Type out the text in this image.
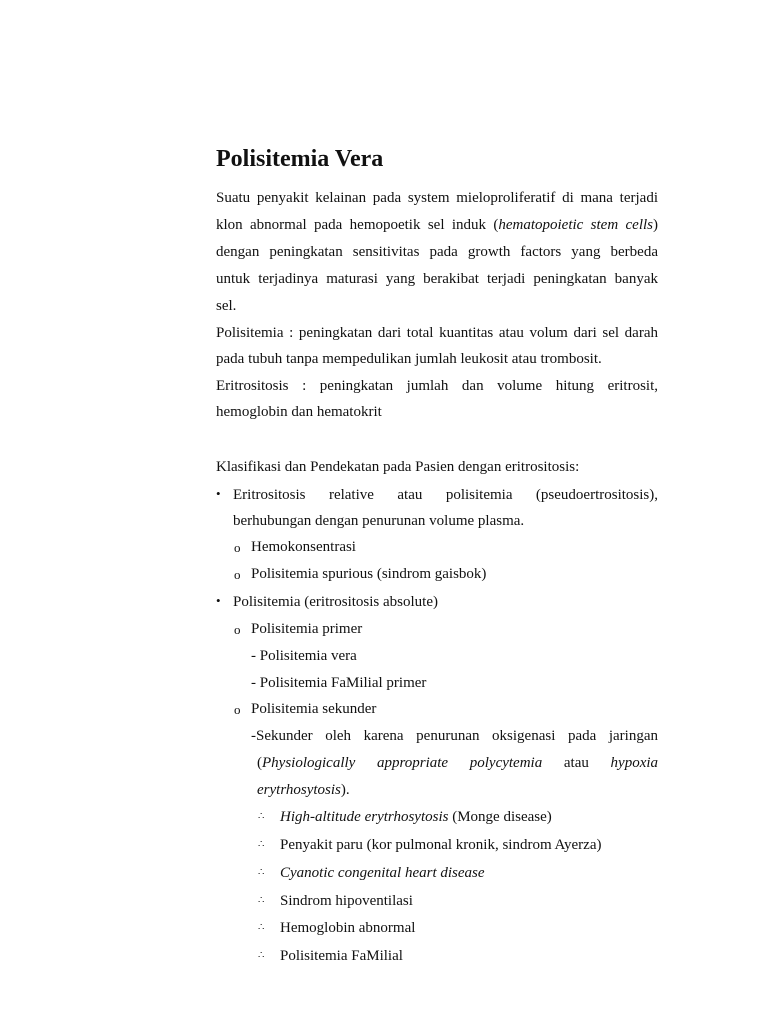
Polisitemia Vera
Suatu penyakit kelainan pada system mieloproliferatif di mana terjadi
klon abnormal pada hemopoetik sel induk (hematopoietic stem cells)
dengan peningkatan sensitivitas pada growth factors yang berbeda
untuk terjadinya maturasi yang berakibat terjadi peningkatan banyak
sel.
Polisitemia : peningkatan dari total kuantitas atau volum dari sel darah
pada tubuh tanpa mempedulikan jumlah leukosit atau trombosit.
Eritrositosis : peningkatan jumlah dan volume hitung eritrosit,
hemoglobin dan hematokrit
Klasifikasi dan Pendekatan pada Pasien dengan eritrositosis:
• Eritrositosis relative atau polisitemia (pseudoertrositosis),
berhubungan dengan penurunan volume plasma.
o Hemokonsentrasi
o Polisitemia spurious (sindrom gaisbok)
• Polisitemia (eritrositosis absolute)
o Polisitemia primer
- Polisitemia vera
- Polisitemia FaMilial primer
o Polisitemia sekunder
-Sekunder oleh karena penurunan oksigenasi pada jaringan
(Physiologically appropriate polycytemia atau hypoxia
erytrhosytosis).
∴ High-altitude erytrhosytosis (Monge disease)
∴ Penyakit paru (kor pulmonal kronik, sindrom Ayerza)
∴ Cyanotic congenital heart disease
∴ Sindrom hipoventilasi
∴ Hemoglobin abnormal
∴ Polisitemia FaMilial
